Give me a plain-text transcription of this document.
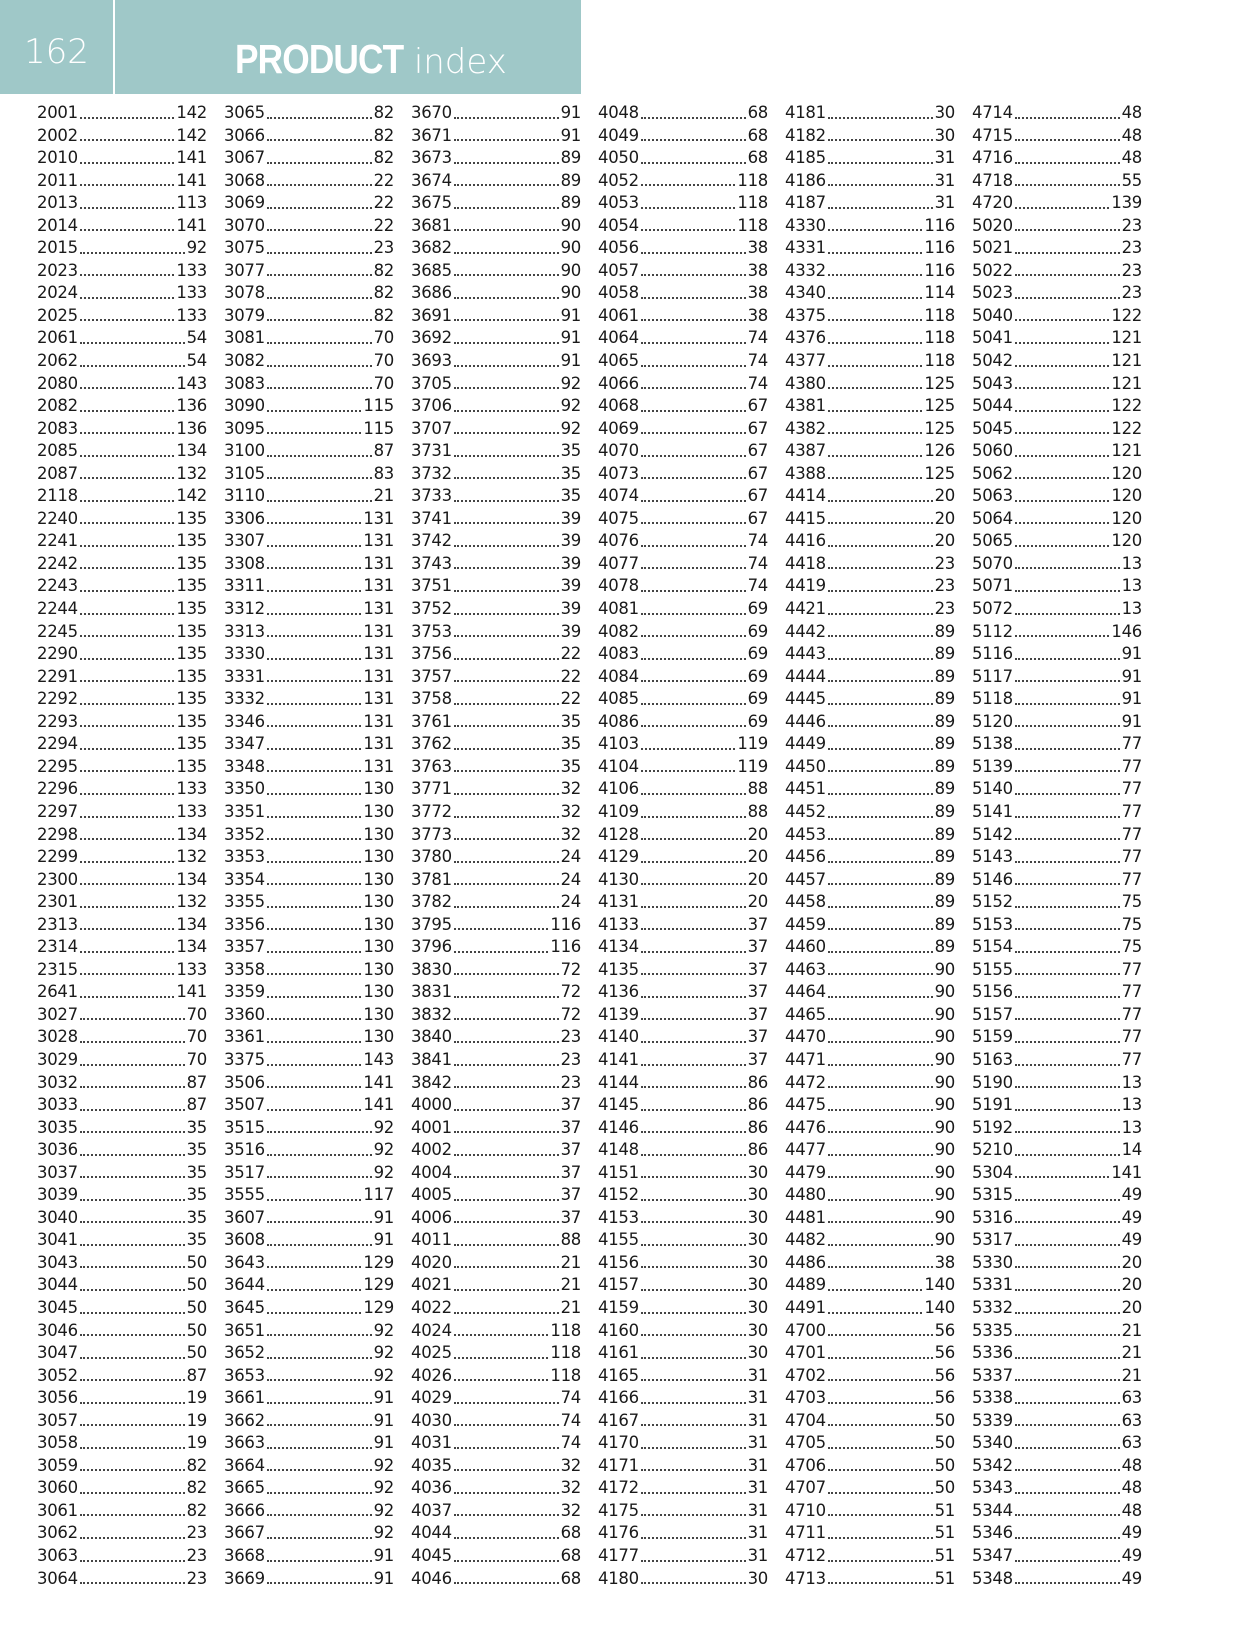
162	PRODUCT index
2001	142
2002	142
2010	141
2011	141
2013	113
2014	141
2015	92
2023	133
2024	133
2025	133
2061	54
2062	54
2080	143
2082	136
2083	136
2085	134
2087	132
2118	142
2240	135
2241	135
2242	135
2243	135
2244	135
2245	135
2290	135
2291	135
2292	135
2293	135
2294	135
2295	135
2296	133
2297	133
2298	134
2299	132
2300	134
2301	132
2313	134
2314	134
2315	133
2641	141
3027	70
3028	70
3029	70
3032	87
3033	87
3035	35
3036	35
3037	35
3039	35
3040	35
3041	35
3043	50
3044	50
3045	50
3046	50
3047	50
3052	87
3056	19
3057	19
3058	19
3059	82
3060	82
3061	82
3062	23
3063	23
3064	23
3065	82
3066	82
3067	82
3068	22
3069	22
3070	22
3075	23
3077	82
3078	82
3079	82
3081	70
3082	70
3083	70
3090	115
3095	115
3100	87
3105	83
3110	21
3306	131
3307	131
3308	131
3311	131
3312	131
3313	131
3330	131
3331	131
3332	131
3346	131
3347	131
3348	131
3350	130
3351	130
3352	130
3353	130
3354	130
3355	130
3356	130
3357	130
3358	130
3359	130
3360	130
3361	130
3375	143
3506	141
3507	141
3515	92
3516	92
3517	92
3555	117
3607	91
3608	91
3643	129
3644	129
3645	129
3651	92
3652	92
3653	92
3661	91
3662	91
3663	91
3664	92
3665	92
3666	92
3667	92
3668	91
3669	91
3670	91
3671	91
3673	89
3674	89
3675	89
3681	90
3682	90
3685	90
3686	90
3691	91
3692	91
3693	91
3705	92
3706	92
3707	92
3731	35
3732	35
3733	35
3741	39
3742	39
3743	39
3751	39
3752	39
3753	39
3756	22
3757	22
3758	22
3761	35
3762	35
3763	35
3771	32
3772	32
3773	32
3780	24
3781	24
3782	24
3795	116
3796	116
3830	72
3831	72
3832	72
3840	23
3841	23
3842	23
4000	37
4001	37
4002	37
4004	37
4005	37
4006	37
4011	88
4020	21
4021	21
4022	21
4024	118
4025	118
4026	118
4029	74
4030	74
4031	74
4035	32
4036	32
4037	32
4044	68
4045	68
4046	68
4048	68
4049	68
4050	68
4052	118
4053	118
4054	118
4056	38
4057	38
4058	38
4061	38
4064	74
4065	74
4066	74
4068	67
4069	67
4070	67
4073	67
4074	67
4075	67
4076	74
4077	74
4078	74
4081	69
4082	69
4083	69
4084	69
4085	69
4086	69
4103	119
4104	119
4106	88
4109	88
4128	20
4129	20
4130	20
4131	20
4133	37
4134	37
4135	37
4136	37
4139	37
4140	37
4141	37
4144	86
4145	86
4146	86
4148	86
4151	30
4152	30
4153	30
4155	30
4156	30
4157	30
4159	30
4160	30
4161	30
4165	31
4166	31
4167	31
4170	31
4171	31
4172	31
4175	31
4176	31
4177	31
4180	30
4181	30
4182	30
4185	31
4186	31
4187	31
4330	116
4331	116
4332	116
4340	114
4375	118
4376	118
4377	118
4380	125
4381	125
4382	125
4387	126
4388	125
4414	20
4415	20
4416	20
4418	23
4419	23
4421	23
4442	89
4443	89
4444	89
4445	89
4446	89
4449	89
4450	89
4451	89
4452	89
4453	89
4456	89
4457	89
4458	89
4459	89
4460	89
4463	90
4464	90
4465	90
4470	90
4471	90
4472	90
4475	90
4476	90
4477	90
4479	90
4480	90
4481	90
4482	90
4486	38
4489	140
4491	140
4700	56
4701	56
4702	56
4703	56
4704	50
4705	50
4706	50
4707	50
4710	51
4711	51
4712	51
4713	51
4714	48
4715	48
4716	48
4718	55
4720	139
5020	23
5021	23
5022	23
5023	23
5040	122
5041	121
5042	121
5043	121
5044	122
5045	122
5060	121
5062	120
5063	120
5064	120
5065	120
5070	13
5071	13
5072	13
5112	146
5116	91
5117	91
5118	91
5120	91
5138	77
5139	77
5140	77
5141	77
5142	77
5143	77
5146	77
5152	75
5153	75
5154	75
5155	77
5156	77
5157	77
5159	77
5163	77
5190	13
5191	13
5192	13
5210	14
5304	141
5315	49
5316	49
5317	49
5330	20
5331	20
5332	20
5335	21
5336	21
5337	21
5338	63
5339	63
5340	63
5342	48
5343	48
5344	48
5346	49
5347	49
5348	49
